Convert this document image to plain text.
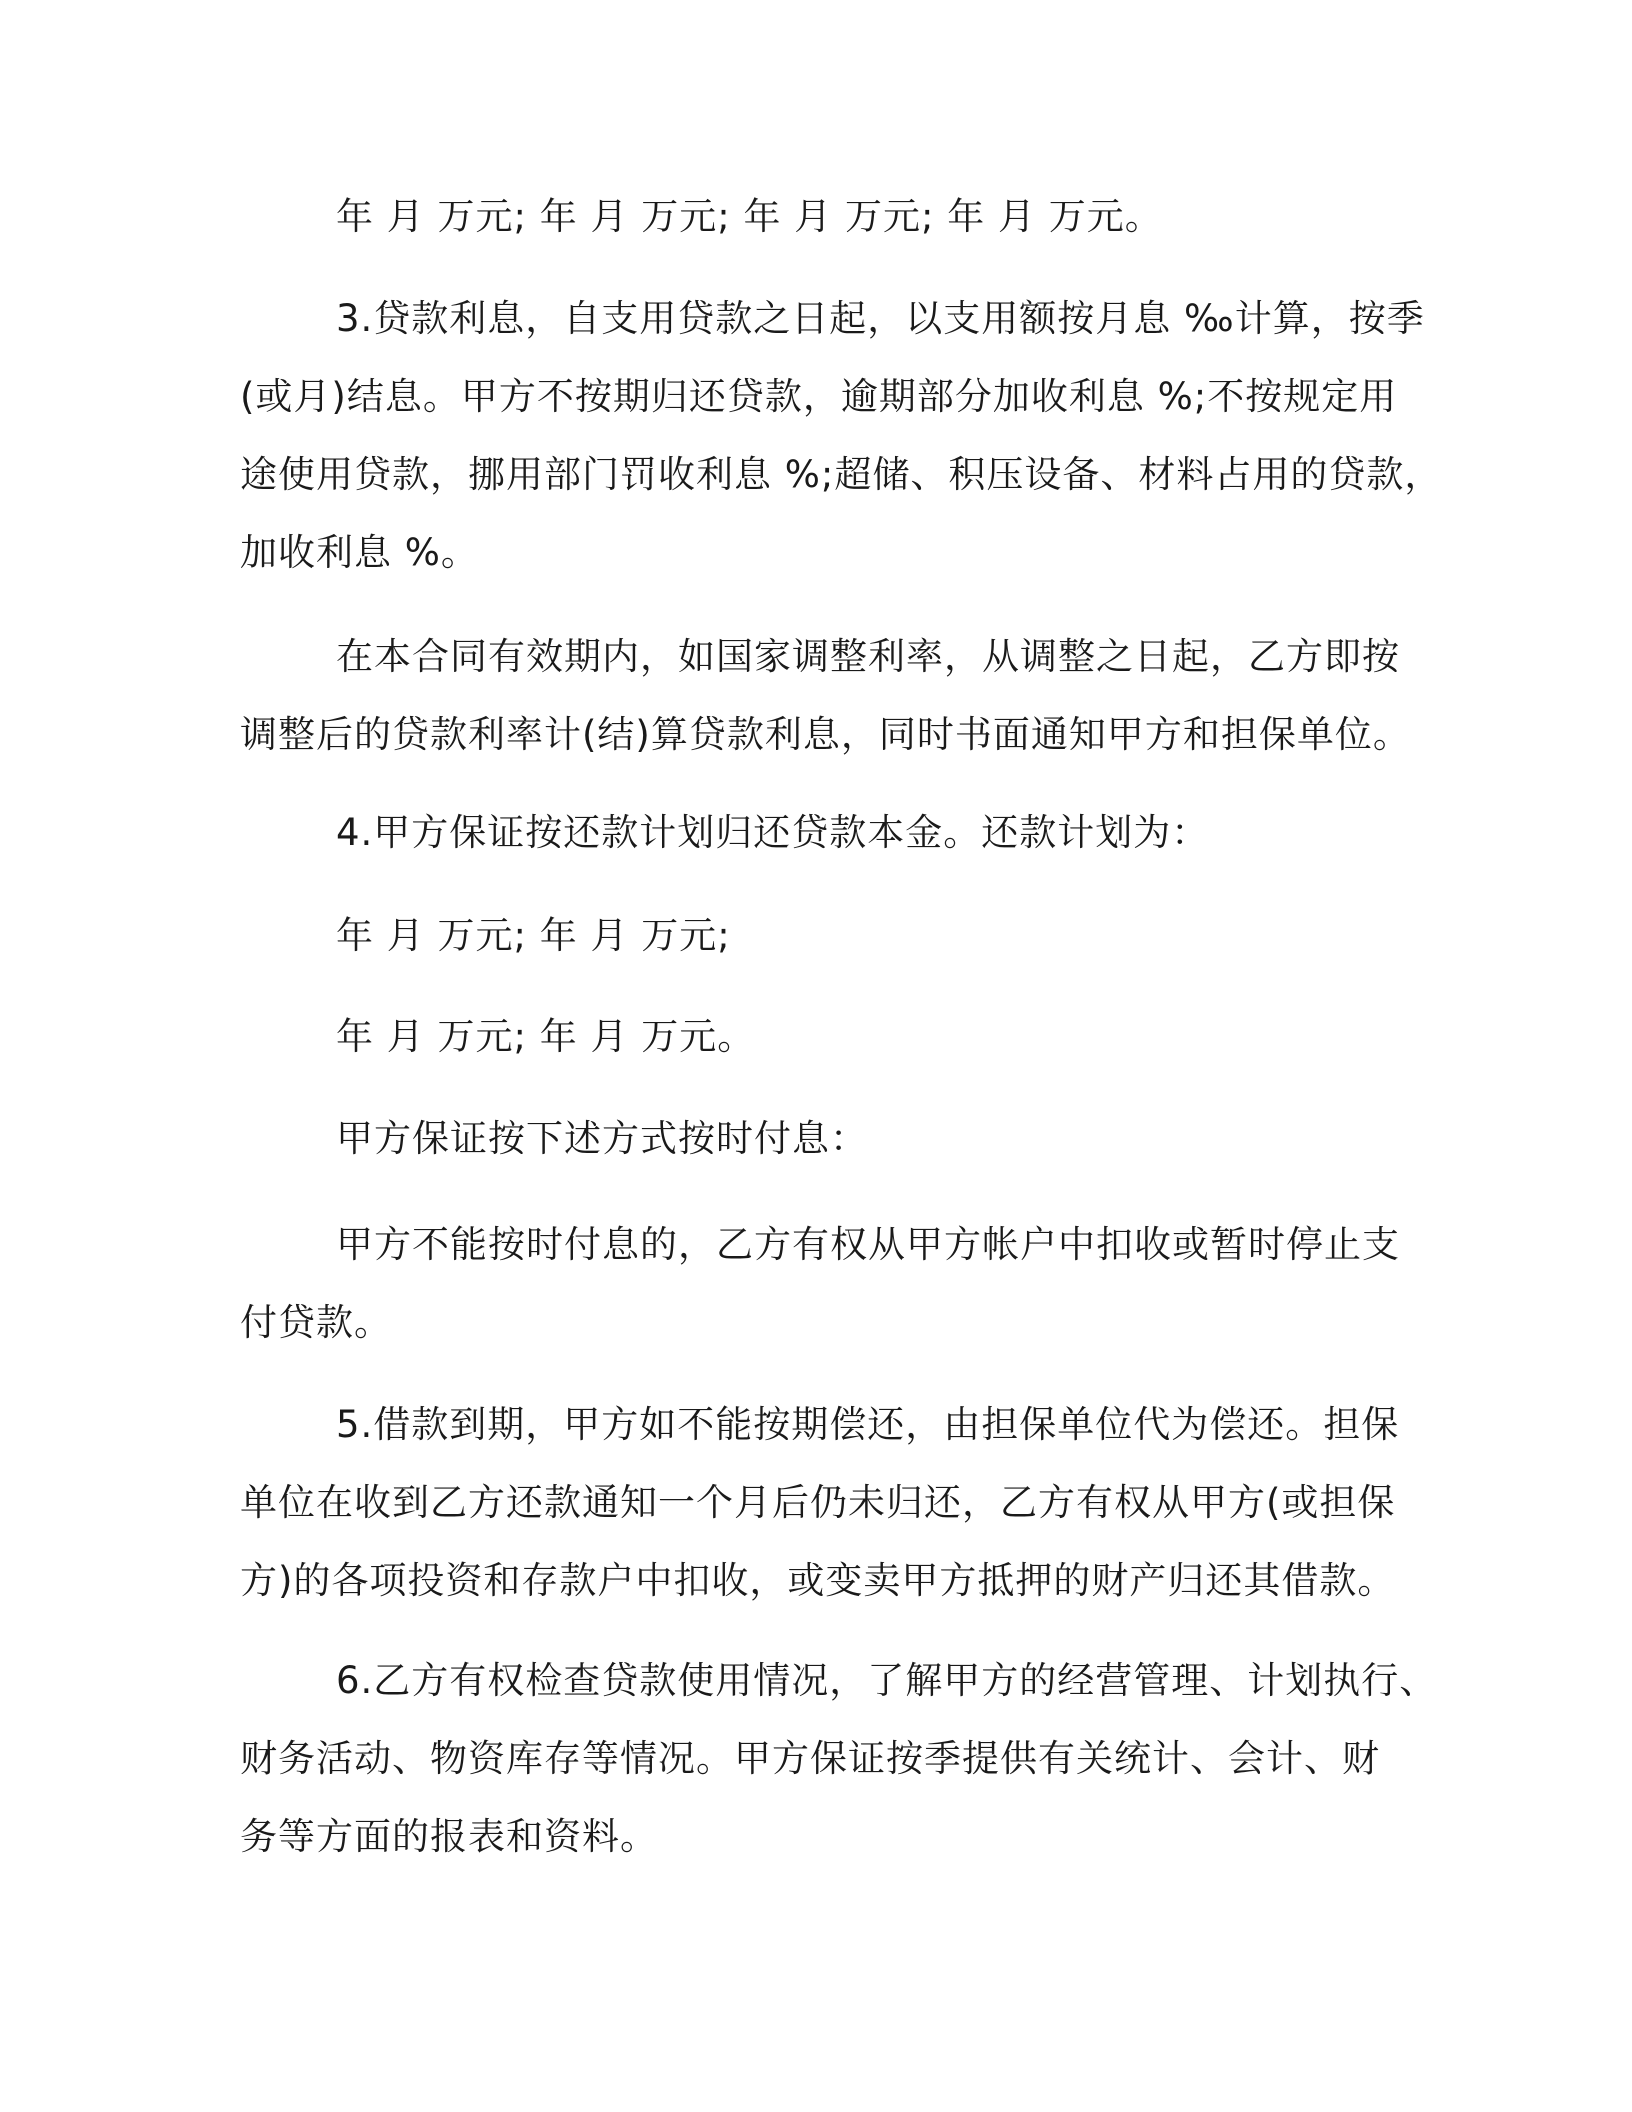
年 月 万元; 年 月 万元; 年 月 万元; 年 月 万元。

3.贷款利息，自支用贷款之日起，以支用额按月息 ‰计算，按季
(或月)结息。甲方不按期归还贷款，逾期部分加收利息 %;不按规定用
途使用贷款，挪用部门罚收利息 %;超储、积压设备、材料占用的贷款，
加收利息 %。

在本合同有效期内，如国家调整利率，从调整之日起，乙方即按
调整后的贷款利率计(结)算贷款利息，同时书面通知甲方和担保单位。

4.甲方保证按还款计划归还贷款本金。还款计划为：

年 月 万元; 年 月 万元;

年 月 万元; 年 月 万元。

甲方保证按下述方式按时付息：

甲方不能按时付息的，乙方有权从甲方帐户中扣收或暂时停止支
付贷款。

5.借款到期，甲方如不能按期偿还，由担保单位代为偿还。担保
单位在收到乙方还款通知一个月后仍未归还，乙方有权从甲方(或担保
方)的各项投资和存款户中扣收，或变卖甲方抵押的财产归还其借款。

6.乙方有权检查贷款使用情况，了解甲方的经营管理、计划执行、
财务活动、物资库存等情况。甲方保证按季提供有关统计、会计、财
务等方面的报表和资料。
